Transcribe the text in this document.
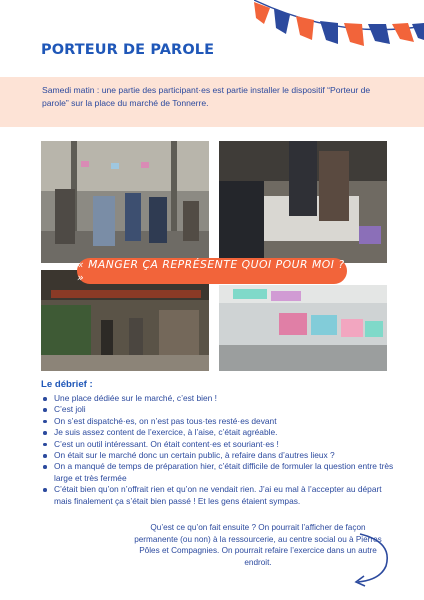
PORTEUR DE PAROLE
Samedi matin : une partie des participant·es est partie installer le dispositif “Porteur de parole” sur la place du marché de Tonnerre.
« MANGER ÇA REPRÉSENTE QUOI POUR MOI ? »
Le débrief :
Une place dédiée sur le marché, c’est bien !
C’est joli
On s’est dispatché·es, on n’est pas tous·tes resté·es devant
Je suis assez content de l’exercice, à l’aise, c’était agréable.
C’est un outil intéressant. On était content·es et souriant·es !
On était sur le marché donc un certain public, à refaire dans d’autres lieux ?
On a manqué de temps de préparation hier, c’était difficile de formuler la question entre très large et très fermée
C’était bien qu’on n’offrait rien et qu’on ne vendait rien. J’ai eu mal à l’accepter au départ mais finalement ça s’était bien passé ! Et les gens étaient sympas.

Qu’est ce qu’on fait ensuite ? On pourrait l’afficher de façon permanente (ou non) à la ressourcerie, au centre social ou à Pierres Pôles et Compagnies. On pourrait refaire l’exercice dans un autre endroit.
